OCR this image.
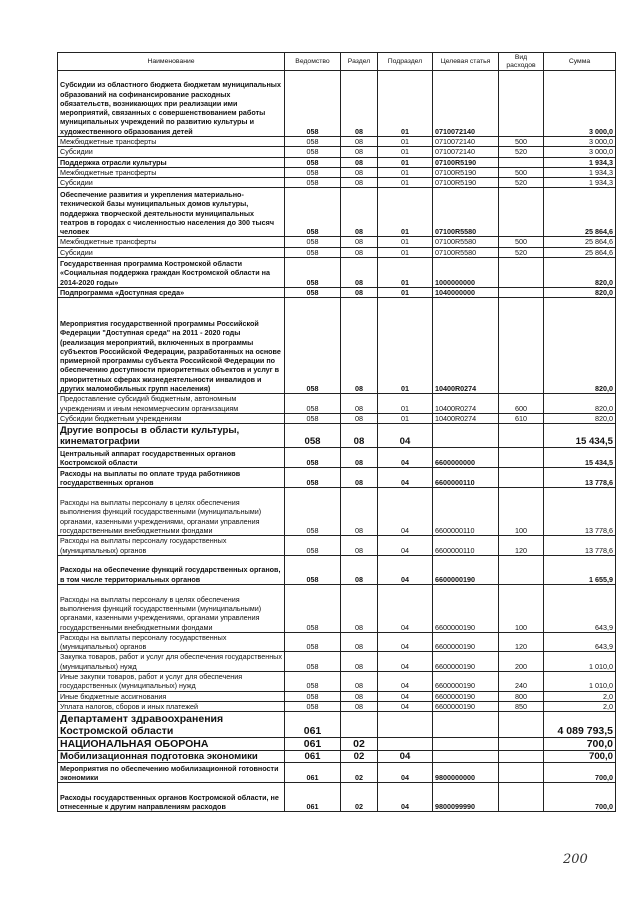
Наименование	Ведомство	Раздел	Подраздел	Целевая статья	Вид расходов	Сумма
Субсидии из областного бюджета бюджетам муниципальных образований на софинансирование расходных обязательств, возникающих при реализации ими мероприятий, связанных с совершенствованием работы муниципальных учреждений по развитию культуры и художественного образования детей	058	08	01	0710072140		3 000,0
Межбюджетные трансферты	058	08	01	0710072140	500	3 000,0
Субсидии	058	08	01	0710072140	520	3 000,0
Поддержка отрасли культуры	058	08	01	07100R5190		1 934,3
Межбюджетные трансферты	058	08	01	07100R5190	500	1 934,3
Субсидии	058	08	01	07100R5190	520	1 934,3
Обеспечение развития и укрепления материально-технической базы муниципальных домов культуры, поддержка творческой деятельности муниципальных театров в городах с численностью населения до 300 тысяч человек	058	08	01	07100R5580		25 864,6
Межбюджетные трансферты	058	08	01	07100R5580	500	25 864,6
Субсидии	058	08	01	07100R5580	520	25 864,6
Государственная программа Костромской области «Социальная поддержка граждан Костромской области на 2014-2020 годы»	058	08	01	1000000000		820,0
Подпрограмма «Доступная среда»	058	08	01	1040000000		820,0
Мероприятия государственной программы Российской Федерации "Доступная среда" на 2011 - 2020 годы (реализация мероприятий, включенных в программы субъектов Российской Федерации, разработанных на основе примерной программы субъекта Российской Федерации по обеспечению доступности приоритетных объектов и услуг в приоритетных сферах жизнедеятельности инвалидов и других маломобильных групп населения)	058	08	01	10400R0274		820,0
Предоставление субсидий бюджетным, автономным учреждениям и иным некоммерческим организациям	058	08	01	10400R0274	600	820,0
Субсидии бюджетным учреждениям	058	08	01	10400R0274	610	820,0
Другие вопросы в области культуры, кинематографии	058	08	04			15 434,5
Центральный аппарат государственных органов Костромской области	058	08	04	6600000000		15 434,5
Расходы на выплаты по оплате труда работников государственных органов	058	08	04	6600000110		13 778,6
Расходы на выплаты персоналу в целях обеспечения выполнения функций государственными (муниципальными) органами, казенными учреждениями, органами управления государственными внебюджетными фондами	058	08	04	6600000110	100	13 778,6
Расходы на выплаты персоналу государственных (муниципальных) органов	058	08	04	6600000110	120	13 778,6
Расходы на обеспечение функций государственных органов, в том числе территориальных органов	058	08	04	6600000190		1 655,9
Расходы на выплаты персоналу в целях обеспечения выполнения функций государственными (муниципальными) органами, казенными учреждениями, органами управления государственными внебюджетными фондами	058	08	04	6600000190	100	643,9
Расходы на выплаты персоналу государственных (муниципальных) органов	058	08	04	6600000190	120	643,9
Закупка товаров, работ и услуг для обеспечения государственных (муниципальных) нужд	058	08	04	6600000190	200	1 010,0
Иные закупки товаров, работ и услуг для обеспечения государственных (муниципальных) нужд	058	08	04	6600000190	240	1 010,0
Иные бюджетные ассигнования	058	08	04	6600000190	800	2,0
Уплата налогов, сборов и иных платежей	058	08	04	6600000190	850	2,0
Департамент здравоохранения Костромской области	061					4 089 793,5
НАЦИОНАЛЬНАЯ ОБОРОНА	061	02				700,0
Мобилизационная подготовка экономики	061	02	04			700,0
Мероприятия по обеспечению мобилизационной готовности экономики	061	02	04	9800000000		700,0
Расходы государственных органов Костромской области, не отнесенные к другим направлениям расходов	061	02	04	9800099990		700,0
200
